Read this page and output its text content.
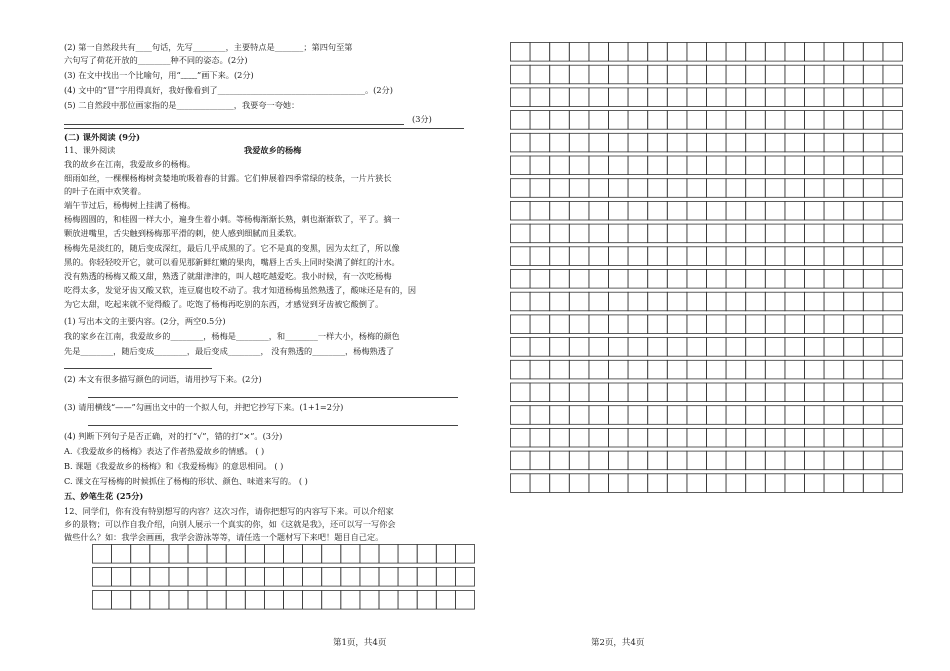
(2) 第一自然段共有____句话，先写________，主要特点是_______；第四句至第
六句写了荷花开放的________种不同的姿态。(2分)
(3) 在文中找出一个比喻句，用“﹏﹏”画下来。(2分)
(4) 文中的“冒”字用得真好，我好像看到了____________________________________。(2分)
(5) 二自然段中那位画家指的是______________，我要夸一夸她：
(3分)
(二) 课外阅读 (9分)
11、课外阅读	我爱故乡的杨梅
我的故乡在江南，我爱故乡的杨梅。
细雨如丝，一棵棵杨梅树贪婪地吮吸着春的甘露。它们伸展着四季常绿的枝条，一片片狭长
的叶子在雨中欢笑着。
端午节过后，杨梅树上挂满了杨梅。
杨梅圆圆的，和桂圆一样大小，遍身生着小刺。等杨梅渐渐长熟，刺也渐渐软了，平了。摘一
颗放进嘴里，舌尖触到杨梅那平滑的刺，使人感到细腻而且柔软。
杨梅先是淡红的，随后变成深红，最后几乎成黑的了。它不是真的变黑，因为太红了，所以像
黑的。你轻轻咬开它，就可以看见那新鲜红嫩的果肉，嘴唇上舌头上同时染满了鲜红的汁水。
没有熟透的杨梅又酸又甜，熟透了就甜津津的，叫人越吃越爱吃。我小时候，有一次吃杨梅
吃得太多，发觉牙齿又酸又软，连豆腐也咬不动了。我才知道杨梅虽然熟透了，酸味还是有的，因
为它太甜，吃起来就不觉得酸了。吃饱了杨梅再吃别的东西，才感觉到牙齿被它酸倒了。
(1) 写出本文的主要内容。(2分，两空0.5分)
我的家乡在江南，我爱故乡的________，杨梅是________，和________一样大小，杨梅的颜色
先是________，随后变成________，最后变成________， 没有熟透的________，杨梅熟透了
(2) 本文有很多描写颜色的词语，请用抄写下来。(2分)
(3) 请用横线“——”勾画出文中的一个拟人句，并把它抄写下来。(1+1=2分)
(4) 判断下列句子是否正确，对的打“√”，错的打“×”。(3分)
A.《我爱故乡的杨梅》表达了作者热爱故乡的情感。 ( )
B. 课题《我爱故乡的杨梅》和《我爱杨梅》的意思相同。 ( )
C. 课文在写杨梅的时候抓住了杨梅的形状、颜色、味道来写的。 ( )
五、妙笔生花 (25分)
12、同学们，你有没有特别想写的内容？这次习作，请你把想写的内容写下来。可以介绍家
乡的景物；可以作自我介绍，向别人展示一个真实的你，如《这就是我》，还可以写一写你会
做些什么？如：我学会画画，我学会游泳等等，请任选一个题材写下来吧！题目自己定。
第1页，共4页	第2页，共4页
